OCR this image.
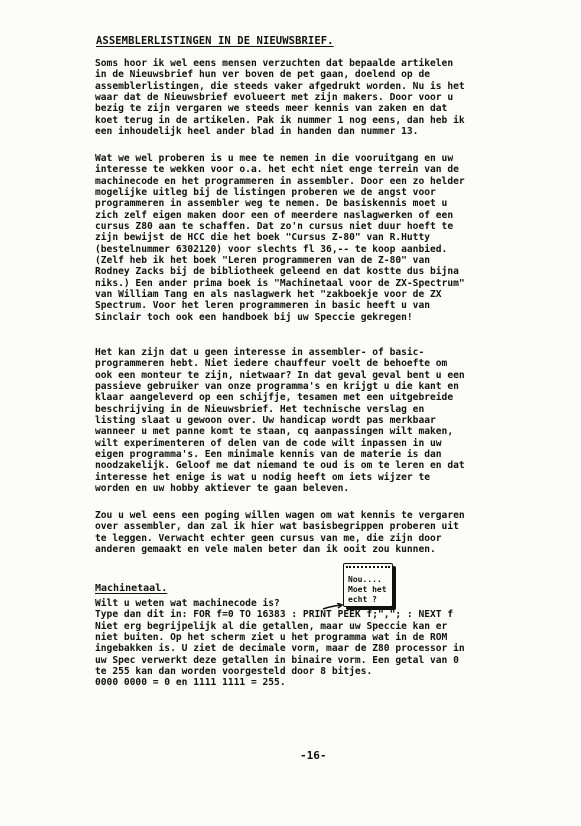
ASSEMBLERLISTINGEN IN DE NIEUWSBRIEF.
Soms hoor ik wel eens mensen verzuchten dat bepaalde artikelen
in de Nieuwsbrief hun ver boven de pet gaan, doelend op de
assemblerlistingen, die steeds vaker afgedrukt worden. Nu is het
waar dat de Nieuwsbrief evolueert met zijn makers. Door voor u
bezig te zijn vergaren we steeds meer kennis van zaken en dat
koet terug in de artikelen. Pak ik nummer 1 nog eens, dan heb ik
een inhoudelijk heel ander blad in handen dan nummer 13.
Wat we wel proberen is u mee te nemen in die vooruitgang en uw
interesse te wekken voor o.a. het echt niet enge terrein van de
machinecode en het programmeren in assembler. Door een zo helder
mogelijke uitleg bij de listingen proberen we de angst voor
programmeren in assembler weg te nemen. De basiskennis moet u
zich zelf eigen maken door een of meerdere naslagwerken of een
cursus Z80 aan te schaffen. Dat zo'n cursus niet duur hoeft te
zijn bewijst de HCC die het boek "Cursus Z-80" van R.Hutty
(bestelnummer 6302120) voor slechts fl 36,-- te koop aanbied.
(Zelf heb ik het boek "Leren programmeren van de Z-80" van
Rodney Zacks bij de bibliotheek geleend en dat kostte dus bijna
niks.) Een ander prima boek is "Machinetaal voor de ZX-Spectrum"
van William Tang en als naslagwerk het "zakboekje voor de ZX
Spectrum. Voor het leren programmeren in basic heeft u van
Sinclair toch ook een handboek bij uw Speccie gekregen!
Het kan zijn dat u geen interesse in assembler- of basic-
programmeren hebt. Niet iedere chauffeur voelt de behoefte om
ook een monteur te zijn, nietwaar? In dat geval geval bent u een
passieve gebruiker van onze programma's en krijgt u die kant en
klaar aangeleverd op een schijfje, tesamen met een uitgebreide
beschrijving in de Nieuwsbrief. Het technische verslag en
listing slaat u gewoon over. Uw handicap wordt pas merkbaar
wanneer u met panne komt te staan, cq aanpassingen wilt maken,
wilt experimenteren of delen van de code wilt inpassen in uw
eigen programma's. Een minimale kennis van de materie is dan
noodzakelijk. Geloof me dat niemand te oud is om te leren en dat
interesse het enige is wat u nodig heeft om iets wijzer te
worden en uw hobby aktiever te gaan beleven.
Zou u wel eens een poging willen wagen om wat kennis te vergaren
over assembler, dan zal ik hier wat basisbegrippen proberen uit
te leggen. Verwacht echter geen cursus van me, die zijn door
anderen gemaakt en vele malen beter dan ik ooit zou kunnen.
Machinetaal.
Nou....
Moet het
echt ?
Wilt u weten wat machinecode is?
Type dan dit in: FOR f=0 TO 16383 : PRINT PEEK f;","; : NEXT f
Niet erg begrijpelijk al die getallen, maar uw Speccie kan er
niet buiten. Op het scherm ziet u het programma wat in de ROM
ingebakken is. U ziet de decimale vorm, maar de Z80 processor in
uw Spec verwerkt deze getallen in binaire vorm. Een getal van 0
te 255 kan dan worden voorgesteld door 8 bitjes.
0000 0000 = 0 en 1111 1111 = 255.
-16-
